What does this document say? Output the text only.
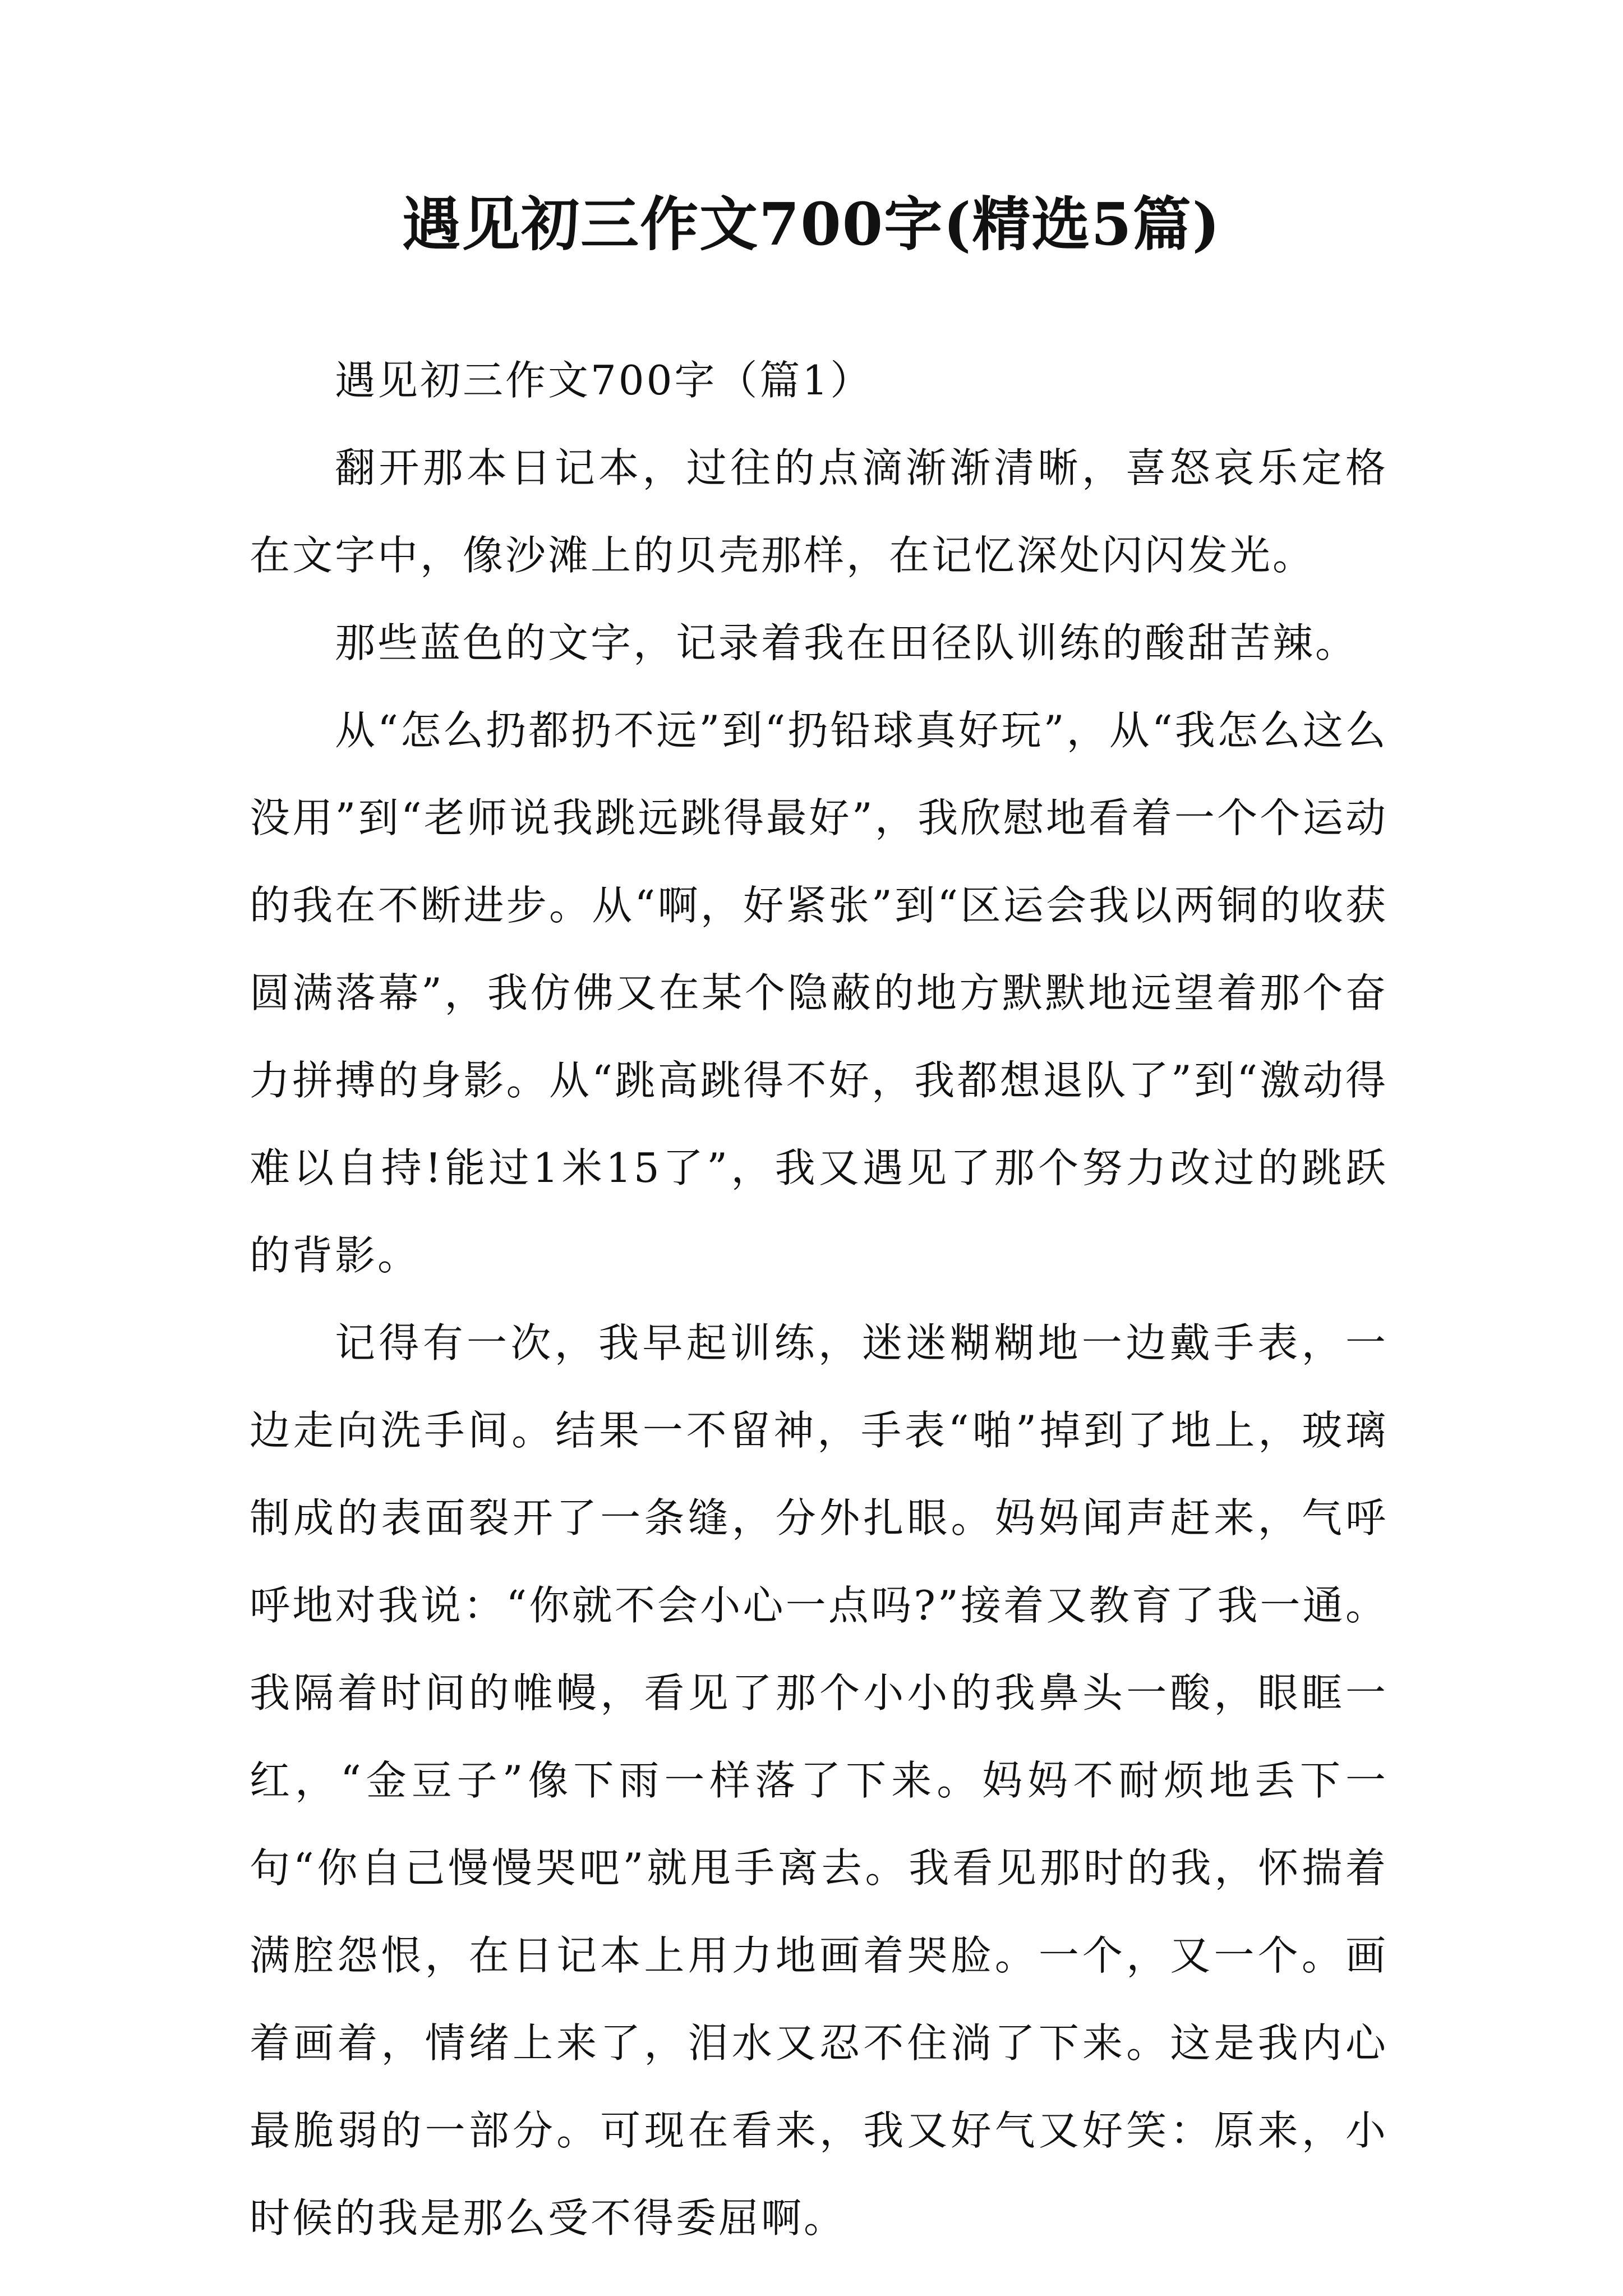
遇见初三作文700字(精选5篇)

遇见初三作文700字（篇1）

翻开那本日记本，过往的点滴渐渐清晰，喜怒哀乐定格在文字中，像沙滩上的贝壳那样，在记忆深处闪闪发光。

那些蓝色的文字，记录着我在田径队训练的酸甜苦辣。

从“怎么扔都扔不远”到“扔铅球真好玩”，从“我怎么这么没用”到“老师说我跳远跳得最好”，我欣慰地看着一个个运动的我在不断进步。从“啊，好紧张”到“区运会我以两铜的收获圆满落幕”，我仿佛又在某个隐蔽的地方默默地远望着那个奋力拼搏的身影。从“跳高跳得不好，我都想退队了”到“激动得难以自持!能过1米15了”，我又遇见了那个努力改过的跳跃的背影。

记得有一次，我早起训练，迷迷糊糊地一边戴手表，一边走向洗手间。结果一不留神，手表“啪”掉到了地上，玻璃制成的表面裂开了一条缝，分外扎眼。妈妈闻声赶来，气呼呼地对我说：“你就不会小心一点吗?”接着又教育了我一通。我隔着时间的帷幔，看见了那个小小的我鼻头一酸，眼眶一红，“金豆子”像下雨一样落了下来。妈妈不耐烦地丢下一句“你自己慢慢哭吧”就甩手离去。我看见那时的我，怀揣着满腔怨恨，在日记本上用力地画着哭脸。一个，又一个。画着画着，情绪上来了，泪水又忍不住淌了下来。这是我内心最脆弱的一部分。可现在看来，我又好气又好笑：原来，小时候的我是那么受不得委屈啊。
